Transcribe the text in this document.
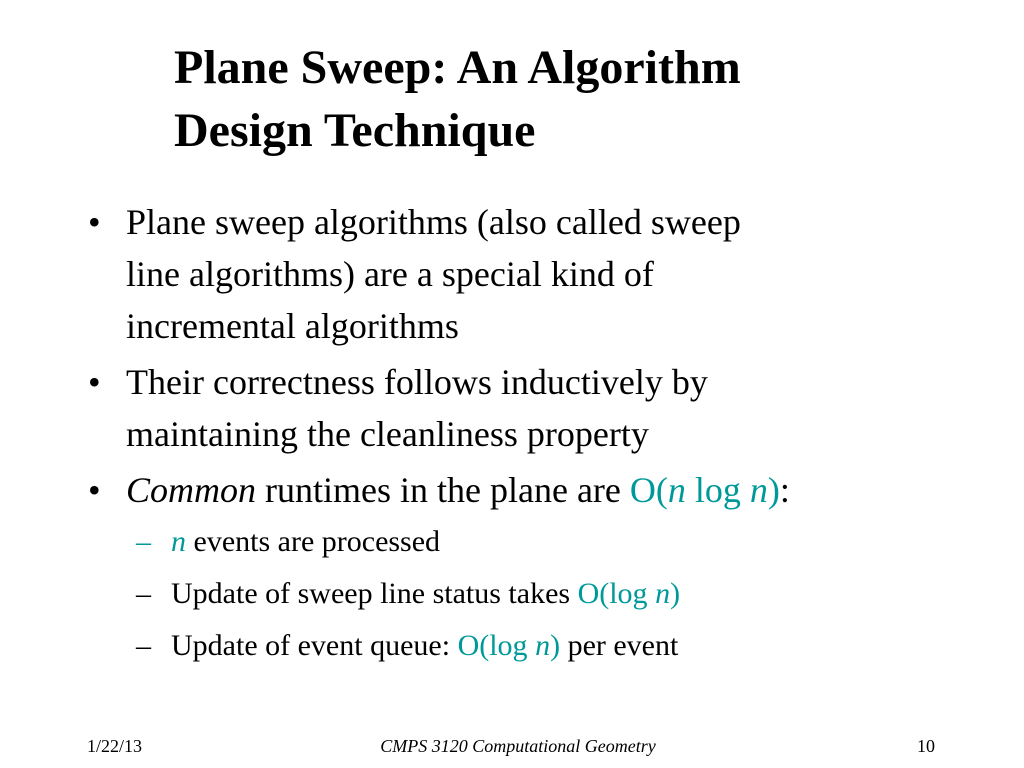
Plane Sweep: An Algorithm
Design Technique
• Plane sweep algorithms (also called sweep
line algorithms) are a special kind of
incremental algorithms
• Their correctness follows inductively by
maintaining the cleanliness property
• Common runtimes in the plane are O(n log n):
– n events are processed
– Update of sweep line status takes O(log n)
– Update of event queue: O(log n) per event
1/22/13	CMPS 3120 Computational Geometry	10
